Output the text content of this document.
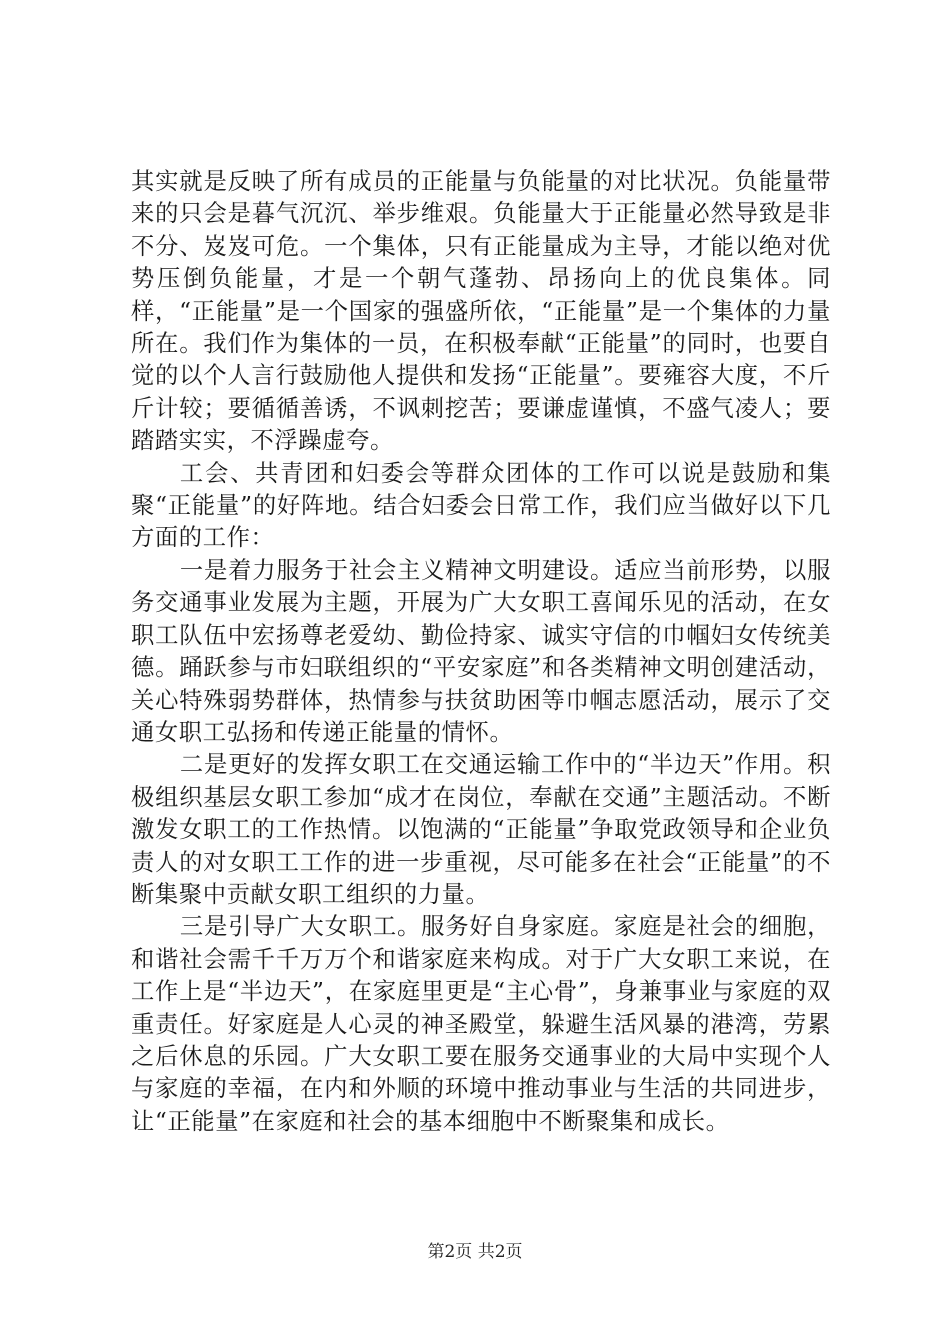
其实就是反映了所有成员的正能量与负能量的对比状况。负能量带来的只会是暮气沉沉、举步维艰。负能量大于正能量必然导致是非不分、岌岌可危。一个集体，只有正能量成为主导，才能以绝对优势压倒负能量，才是一个朝气蓬勃、昂扬向上的优良集体。同样，“正能量”是一个国家的强盛所依，“正能量”是一个集体的力量所在。我们作为集体的一员，在积极奉献“正能量”的同时，也要自觉的以个人言行鼓励他人提供和发扬“正能量”。要雍容大度，不斤斤计较；要循循善诱，不讽刺挖苦；要谦虚谨慎，不盛气凌人；要踏踏实实，不浮躁虚夸。

工会、共青团和妇委会等群众团体的工作可以说是鼓励和集聚“正能量”的好阵地。结合妇委会日常工作，我们应当做好以下几方面的工作：

一是着力服务于社会主义精神文明建设。适应当前形势，以服务交通事业发展为主题，开展为广大女职工喜闻乐见的活动，在女职工队伍中宏扬尊老爱幼、勤俭持家、诚实守信的巾帼妇女传统美德。踊跃参与市妇联组织的“平安家庭”和各类精神文明创建活动，关心特殊弱势群体，热情参与扶贫助困等巾帼志愿活动，展示了交通女职工弘扬和传递正能量的情怀。

二是更好的发挥女职工在交通运输工作中的“半边天”作用。积极组织基层女职工参加“成才在岗位，奉献在交通”主题活动。不断激发女职工的工作热情。以饱满的“正能量”争取党政领导和企业负责人的对女职工工作的进一步重视，尽可能多在社会“正能量”的不断集聚中贡献女职工组织的力量。

三是引导广大女职工。服务好自身家庭。家庭是社会的细胞，和谐社会需千千万万个和谐家庭来构成。对于广大女职工来说，在工作上是“半边天”，在家庭里更是“主心骨”，身兼事业与家庭的双重责任。好家庭是人心灵的神圣殿堂，躲避生活风暴的港湾，劳累之后休息的乐园。广大女职工要在服务交通事业的大局中实现个人与家庭的幸福，在内和外顺的环境中推动事业与生活的共同进步，让“正能量”在家庭和社会的基本细胞中不断聚集和成长。

第2页 共2页
